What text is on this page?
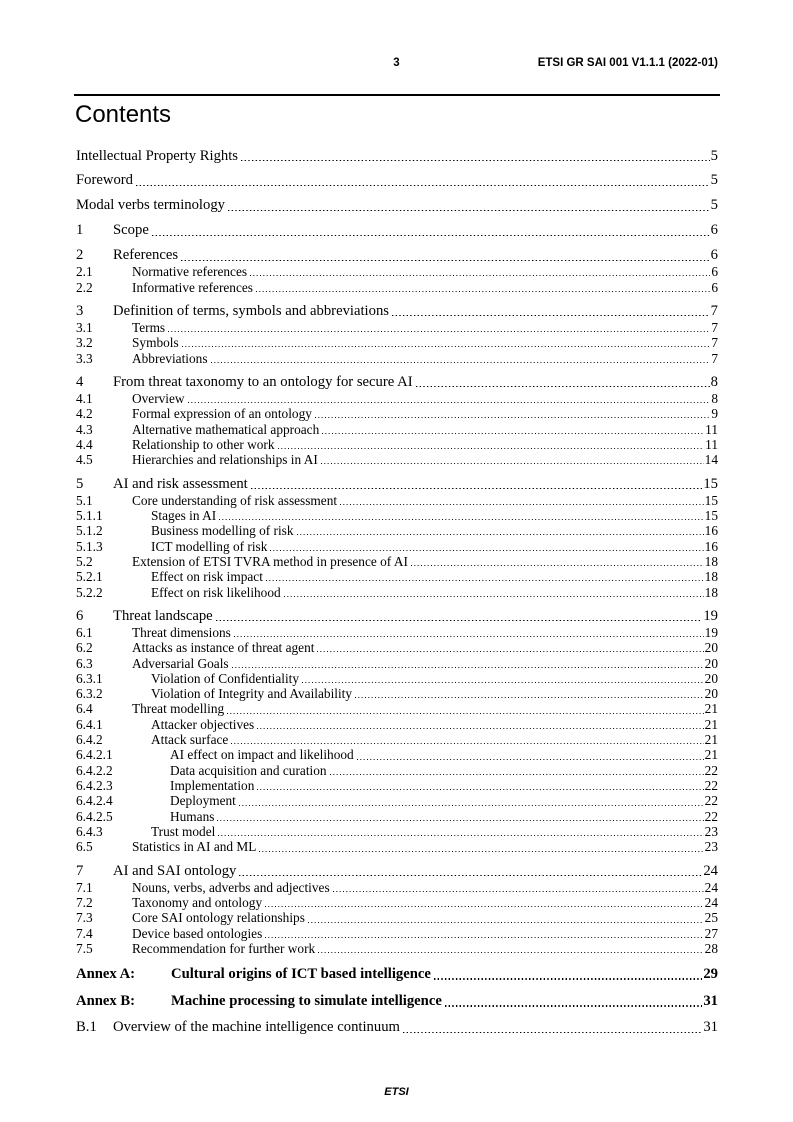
3	ETSI GR SAI 001 V1.1.1 (2022-01)
Contents
Intellectual Property Rights	5
Foreword	5
Modal verbs terminology	5
1	Scope	6
2	References	6
2.1	Normative references	6
2.2	Informative references	6
3	Definition of terms, symbols and abbreviations	7
3.1	Terms	7
3.2	Symbols	7
3.3	Abbreviations	7
4	From threat taxonomy to an ontology for secure AI	8
4.1	Overview	8
4.2	Formal expression of an ontology	9
4.3	Alternative mathematical approach	11
4.4	Relationship to other work	11
4.5	Hierarchies and relationships in AI	14
5	AI and risk assessment	15
5.1	Core understanding of risk assessment	15
5.1.1	Stages in AI	15
5.1.2	Business modelling of risk	16
5.1.3	ICT modelling of risk	16
5.2	Extension of ETSI TVRA method in presence of AI	18
5.2.1	Effect on risk impact	18
5.2.2	Effect on risk likelihood	18
6	Threat landscape	19
6.1	Threat dimensions	19
6.2	Attacks as instance of threat agent	20
6.3	Adversarial Goals	20
6.3.1	Violation of Confidentiality	20
6.3.2	Violation of Integrity and Availability	20
6.4	Threat modelling	21
6.4.1	Attacker objectives	21
6.4.2	Attack surface	21
6.4.2.1	AI effect on impact and likelihood	21
6.4.2.2	Data acquisition and curation	22
6.4.2.3	Implementation	22
6.4.2.4	Deployment	22
6.4.2.5	Humans	22
6.4.3	Trust model	23
6.5	Statistics in AI and ML	23
7	AI and SAI ontology	24
7.1	Nouns, verbs, adverbs and adjectives	24
7.2	Taxonomy and ontology	24
7.3	Core SAI ontology relationships	25
7.4	Device based ontologies	27
7.5	Recommendation for further work	28
Annex A:	Cultural origins of ICT based intelligence	29
Annex B:	Machine processing to simulate intelligence	31
B.1	Overview of the machine intelligence continuum	31
ETSI
